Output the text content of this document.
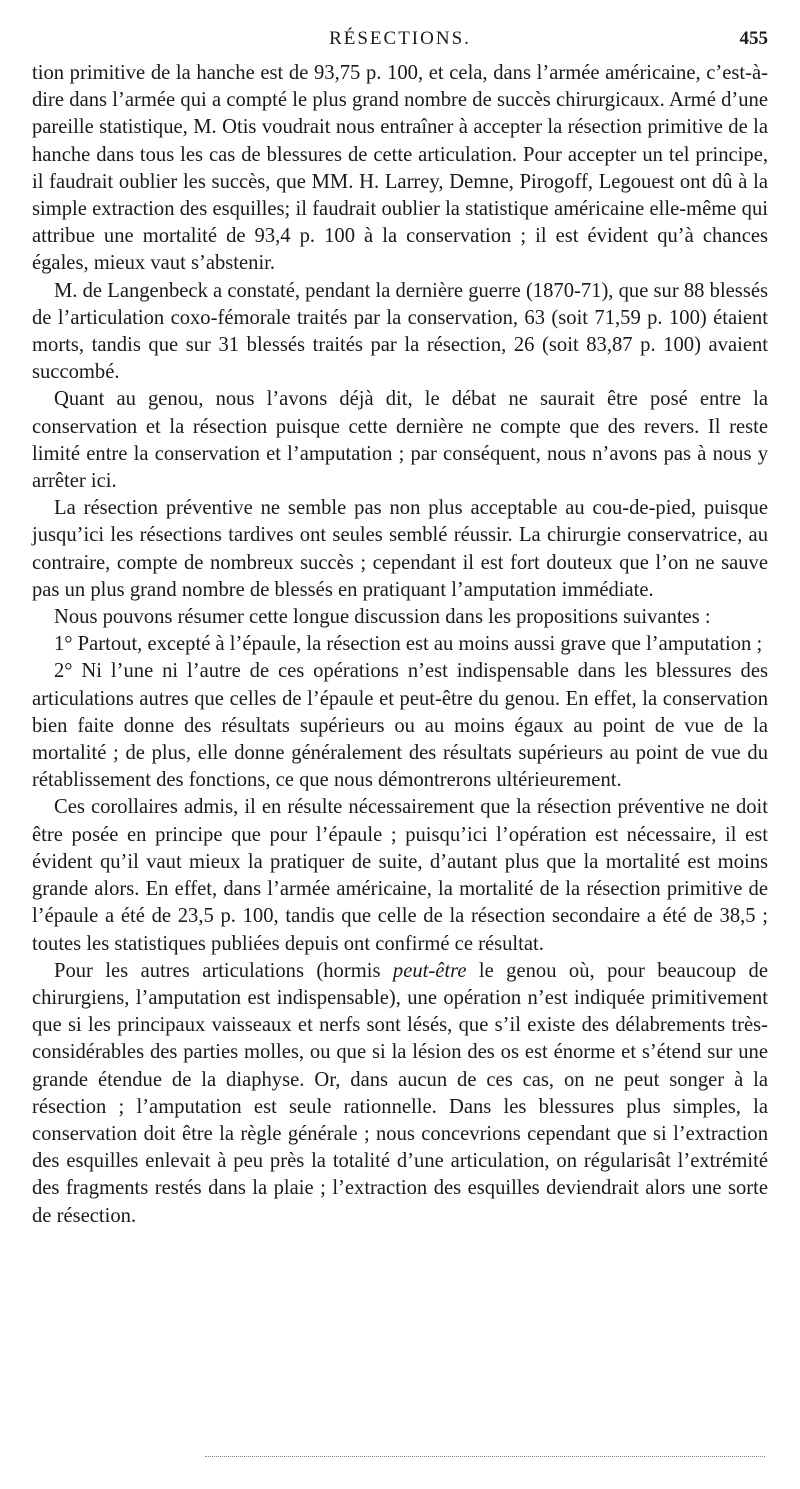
RÉSECTIONS.	455

tion primitive de la hanche est de 93,75 p. 100, et cela, dans l’armée américaine, c’est-à-dire dans l’armée qui a compté le plus grand nombre de succès chirurgicaux. Armé d’une pareille statistique, M. Otis voudrait nous entraîner à accepter la résection primitive de la hanche dans tous les cas de blessures de cette articulation. Pour accepter un tel principe, il faudrait oublier les succès, que MM. H. Larrey, Demne, Pirogoff, Legouest ont dû à la simple extraction des esquilles; il faudrait oublier la statistique américaine elle-même qui attribue une mortalité de 93,4 p. 100 à la conservation ; il est évident qu’à chances égales, mieux vaut s’abstenir.

M. de Langenbeck a constaté, pendant la dernière guerre (1870-71), que sur 88 blessés de l’articulation coxo-fémorale traités par la conservation, 63 (soit 71,59 p. 100) étaient morts, tandis que sur 31 blessés traités par la résection, 26 (soit 83,87 p. 100) avaient succombé.

Quant au genou, nous l’avons déjà dit, le débat ne saurait être posé entre la conservation et la résection puisque cette dernière ne compte que des revers. Il reste limité entre la conservation et l’amputation ; par conséquent, nous n’avons pas à nous y arrêter ici.

La résection préventive ne semble pas non plus acceptable au cou-de-pied, puisque jusqu’ici les résections tardives ont seules semblé réussir. La chirurgie conservatrice, au contraire, compte de nombreux succès ; cependant il est fort douteux que l’on ne sauve pas un plus grand nombre de blessés en pratiquant l’amputation immédiate.

Nous pouvons résumer cette longue discussion dans les propositions suivantes :

1° Partout, excepté à l’épaule, la résection est au moins aussi grave que l’amputation ;

2° Ni l’une ni l’autre de ces opérations n’est indispensable dans les blessures des articulations autres que celles de l’épaule et peut-être du genou. En effet, la conservation bien faite donne des résultats supérieurs ou au moins égaux au point de vue de la mortalité ; de plus, elle donne généralement des résultats supérieurs au point de vue du rétablissement des fonctions, ce que nous démontrerons ultérieurement.

Ces corollaires admis, il en résulte nécessairement que la résection préventive ne doit être posée en principe que pour l’épaule ; puisqu’ici l’opération est nécessaire, il est évident qu’il vaut mieux la pratiquer de suite, d’autant plus que la mortalité est moins grande alors. En effet, dans l’armée américaine, la mortalité de la résection primitive de l’épaule a été de 23,5 p. 100, tandis que celle de la résection secondaire a été de 38,5 ; toutes les statistiques publiées depuis ont confirmé ce résultat.

Pour les autres articulations (hormis peut-être le genou où, pour beaucoup de chirurgiens, l’amputation est indispensable), une opération n’est indiquée primitivement que si les principaux vaisseaux et nerfs sont lésés, que s’il existe des délabrements très-considérables des parties molles, ou que si la lésion des os est énorme et s’étend sur une grande étendue de la diaphyse. Or, dans aucun de ces cas, on ne peut songer à la résection ; l’amputation est seule rationnelle. Dans les blessures plus simples, la conservation doit être la règle générale ; nous concevrions cependant que si l’extraction des esquilles enlevait à peu près la totalité d’une articulation, on régularisât l’extrémité des fragments restés dans la plaie ; l’extraction des esquilles deviendrait alors une sorte de résection.
